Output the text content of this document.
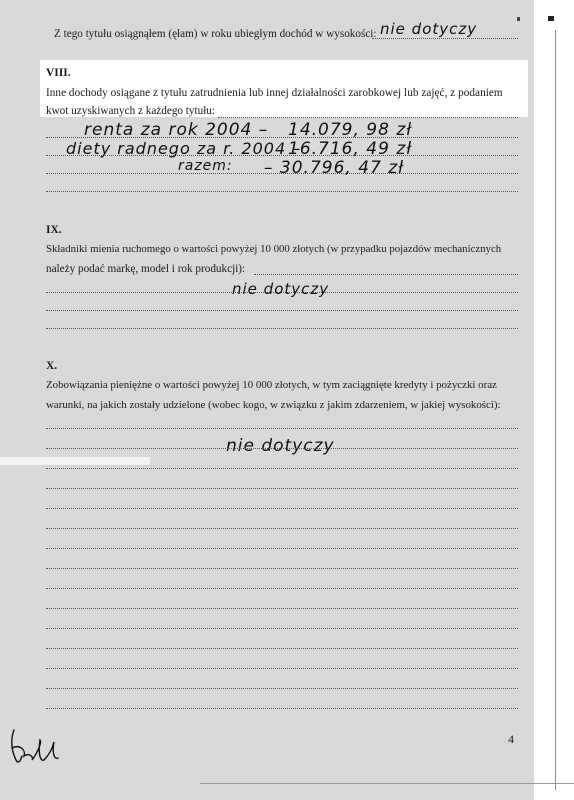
Z tego tytułu osiągnąłem (ęłam) w roku ubiegłym dochód w wysokości: nie dotyczy
VIII.
Inne dochody osiągane z tytułu zatrudnienia lub innej działalności zarobkowej lub zajęć, z podaniem
kwot uzyskiwanych z każdego tytułu:
renta za rok 2004 – 14.079, 98 zł
diety radnego za r. 2004 –
16.716, 49 zł
razem: – 30.796, 47 zł
IX.
Składniki mienia ruchomego o wartości powyżej 10 000 złotych (w przypadku pojazdów mechanicznych
należy podać markę, model i rok produkcji):
nie dotyczy
X.
Zobowiązania pieniężne o wartości powyżej 10 000 złotych, w tym zaciągnięte kredyty i pożyczki oraz
warunki, na jakich zostały udzielone (wobec kogo, w związku z jakim zdarzeniem, w jakiej wysokości):
nie dotyczy
4
